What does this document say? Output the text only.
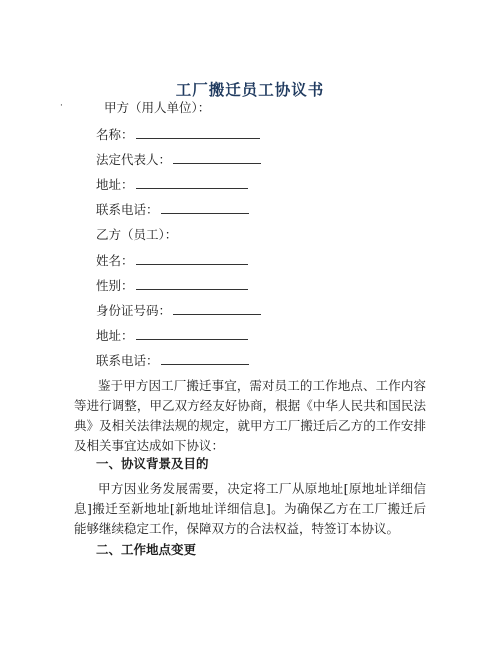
工厂搬迁员工协议书
·	甲方（用人单位）：
名称：
法定代表人：
地址：
联系电话：
乙方（员工）：
姓名：
性别：
身份证号码：
地址：
联系电话：
鉴于甲方因工厂搬迁事宜，需对员工的工作地点、工作内容等进行调整，甲乙双方经友好协商，根据《中华人民共和国民法典》及相关法律法规的规定，就甲方工厂搬迁后乙方的工作安排及相关事宜达成如下协议：
一、协议背景及目的
甲方因业务发展需要，决定将工厂从原地址[原地址详细信息]搬迁至新地址[新地址详细信息]。为确保乙方在工厂搬迁后能够继续稳定工作，保障双方的合法权益，特签订本协议。
二、工作地点变更
